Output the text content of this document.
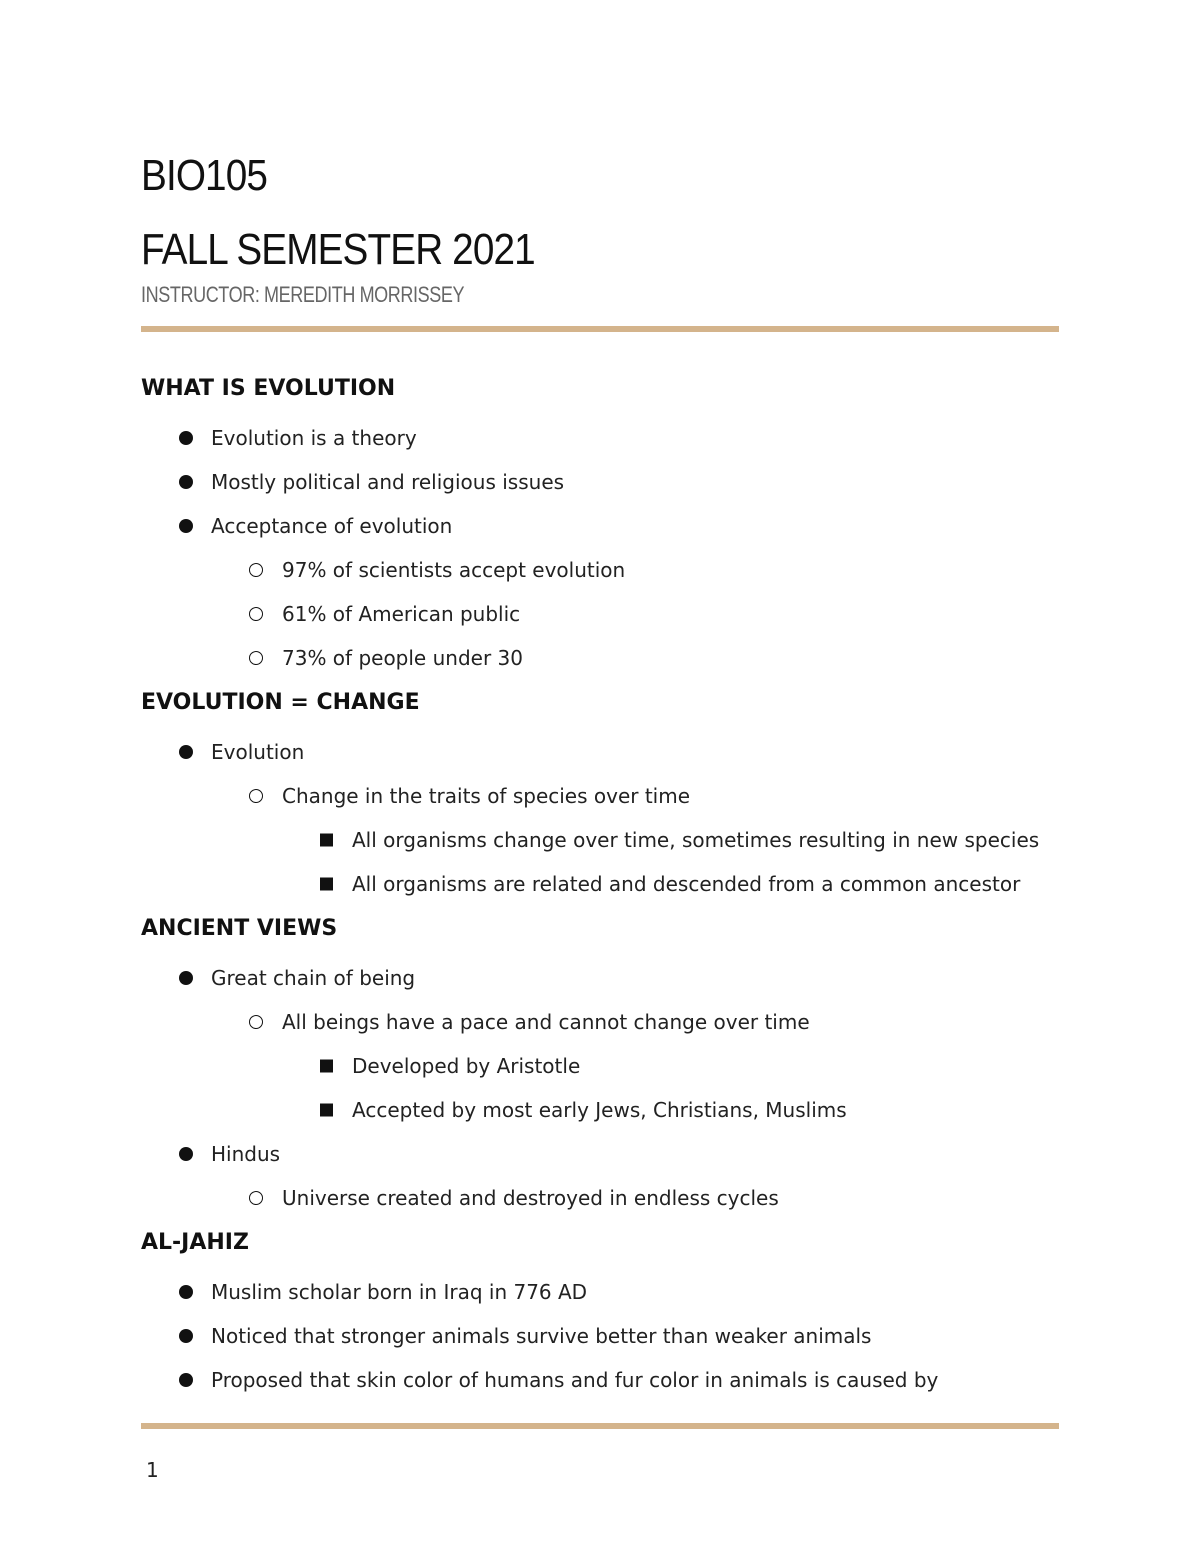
BIO105
FALL SEMESTER 2021
INSTRUCTOR: MEREDITH MORRISSEY
WHAT IS EVOLUTION
Evolution is a theory
Mostly political and religious issues
Acceptance of evolution
97% of scientists accept evolution
61% of American public
73% of people under 30
EVOLUTION = CHANGE
Evolution
Change in the traits of species over time
All organisms change over time, sometimes resulting in new species
All organisms are related and descended from a common ancestor
ANCIENT VIEWS
Great chain of being
All beings have a pace and cannot change over time
Developed by Aristotle
Accepted by most early Jews, Christians, Muslims
Hindus
Universe created and destroyed in endless cycles
AL-JAHIZ
Muslim scholar born in Iraq in 776 AD
Noticed that stronger animals survive better than weaker animals
Proposed that skin color of humans and fur color in animals is caused by
1
